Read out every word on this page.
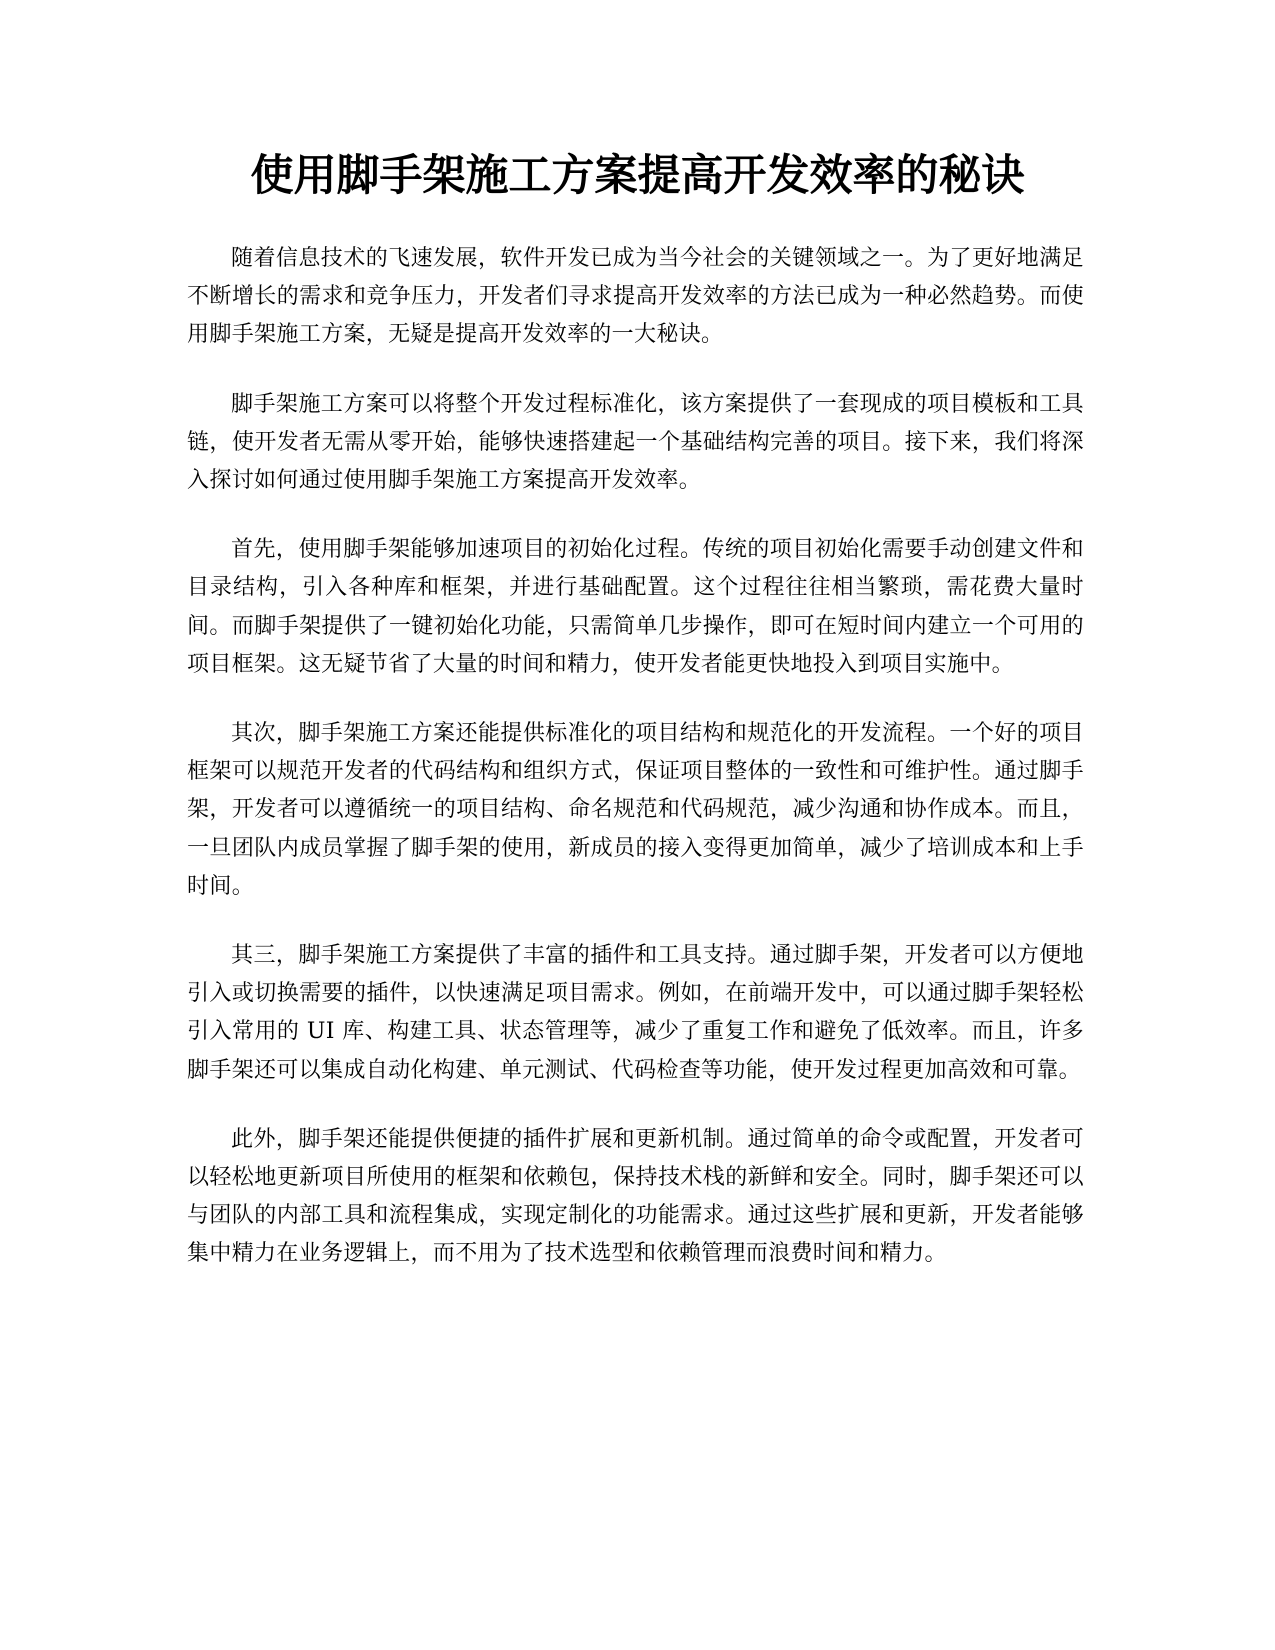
使用脚手架施工方案提高开发效率的秘诀

随着信息技术的飞速发展，软件开发已成为当今社会的关键领域之一。为了更好地满足不断增长的需求和竞争压力，开发者们寻求提高开发效率的方法已成为一种必然趋势。而使用脚手架施工方案，无疑是提高开发效率的一大秘诀。

脚手架施工方案可以将整个开发过程标准化，该方案提供了一套现成的项目模板和工具链，使开发者无需从零开始，能够快速搭建起一个基础结构完善的项目。接下来，我们将深入探讨如何通过使用脚手架施工方案提高开发效率。

首先，使用脚手架能够加速项目的初始化过程。传统的项目初始化需要手动创建文件和目录结构，引入各种库和框架，并进行基础配置。这个过程往往相当繁琐，需花费大量时间。而脚手架提供了一键初始化功能，只需简单几步操作，即可在短时间内建立一个可用的项目框架。这无疑节省了大量的时间和精力，使开发者能更快地投入到项目实施中。

其次，脚手架施工方案还能提供标准化的项目结构和规范化的开发流程。一个好的项目框架可以规范开发者的代码结构和组织方式，保证项目整体的一致性和可维护性。通过脚手架，开发者可以遵循统一的项目结构、命名规范和代码规范，减少沟通和协作成本。而且，一旦团队内成员掌握了脚手架的使用，新成员的接入变得更加简单，减少了培训成本和上手时间。

其三，脚手架施工方案提供了丰富的插件和工具支持。通过脚手架，开发者可以方便地引入或切换需要的插件，以快速满足项目需求。例如，在前端开发中，可以通过脚手架轻松引入常用的 UI 库、构建工具、状态管理等，减少了重复工作和避免了低效率。而且，许多脚手架还可以集成自动化构建、单元测试、代码检查等功能，使开发过程更加高效和可靠。

此外，脚手架还能提供便捷的插件扩展和更新机制。通过简单的命令或配置，开发者可以轻松地更新项目所使用的框架和依赖包，保持技术栈的新鲜和安全。同时，脚手架还可以与团队的内部工具和流程集成，实现定制化的功能需求。通过这些扩展和更新，开发者能够集中精力在业务逻辑上，而不用为了技术选型和依赖管理而浪费时间和精力。
